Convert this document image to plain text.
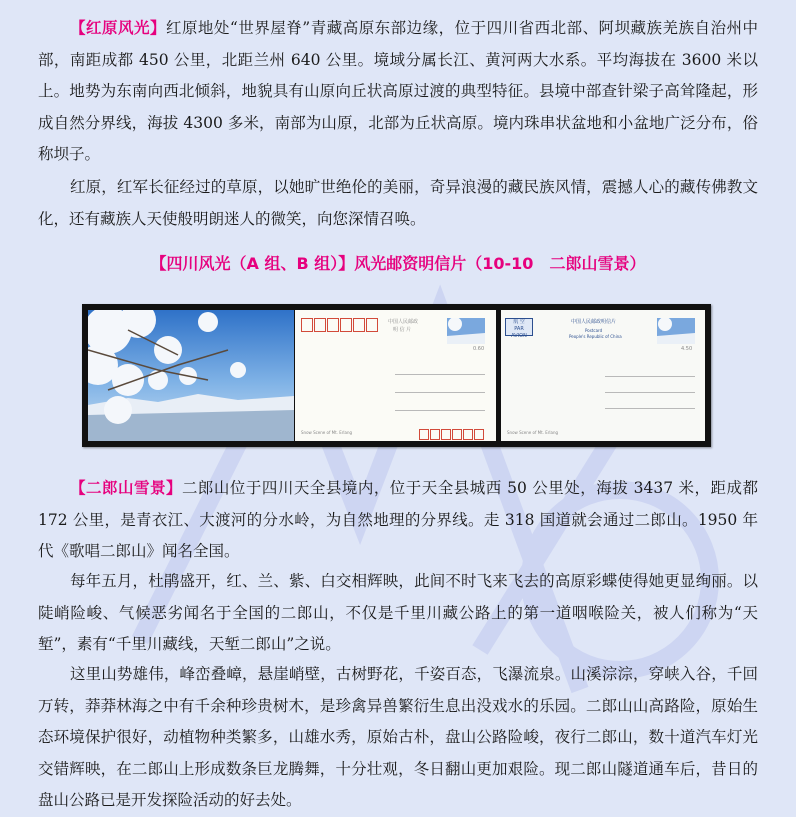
【红原风光】红原地处“世界屋脊”青藏高原东部边缘，位于四川省西北部、阿坝藏族羌族自治州中部，南距成都 450 公里，北距兰州 640 公里。境域分属长江、黄河两大水系。平均海拔在 3600 米以上。地势为东南向西北倾斜，地貌具有山原向丘状高原过渡的典型特征。县境中部查针梁子高耸隆起，形成自然分界线，海拔 4300 多米，南部为山原，北部为丘状高原。境内珠串状盆地和小盆地广泛分布，俗称坝子。

红原，红军长征经过的草原，以她旷世绝伦的美丽，奇异浪漫的藏民族风情，震撼人心的藏传佛教文化，还有藏族人天使般明朗迷人的微笑，向您深情召唤。

【四川风光（A 组、B 组）】风光邮资明信片（10-10　二郎山雪景）
中国人民邮政
明 信 片
0.60
Snow Scene of Mt. Erlang
航 空
PAR AVION
中国人民邮政明信片
Postcard
People's Republic of China
4.50
Snow Scene of Mt. Erlang

【二郎山雪景】二郎山位于四川天全县境内，位于天全县城西 50 公里处，海拔 3437 米，距成都 172 公里，是青衣江、大渡河的分水岭，为自然地理的分界线。走 318 国道就会通过二郎山。1950 年代《歌唱二郎山》闻名全国。

每年五月，杜鹃盛开，红、兰、紫、白交相辉映，此间不时飞来飞去的高原彩蝶使得她更显绚丽。以陡峭险峻、气候恶劣闻名于全国的二郎山，不仅是千里川藏公路上的第一道咽喉险关，被人们称为“天堑”，素有“千里川藏线，天堑二郎山”之说。

这里山势雄伟，峰峦叠嶂，悬崖峭壁，古树野花，千姿百态，飞瀑流泉。山溪淙淙，穿峡入谷，千回万转，莽莽林海之中有千余种珍贵树木，是珍禽异兽繁衍生息出没戏水的乐园。二郎山山高路险，原始生态环境保护很好，动植物种类繁多，山雄水秀，原始古朴，盘山公路险峻，夜行二郎山，数十道汽车灯光交错辉映，在二郎山上形成数条巨龙腾舞，十分壮观，冬日翻山更加艰险。现二郎山隧道通车后，昔日的盘山公路已是开发探险活动的好去处。
